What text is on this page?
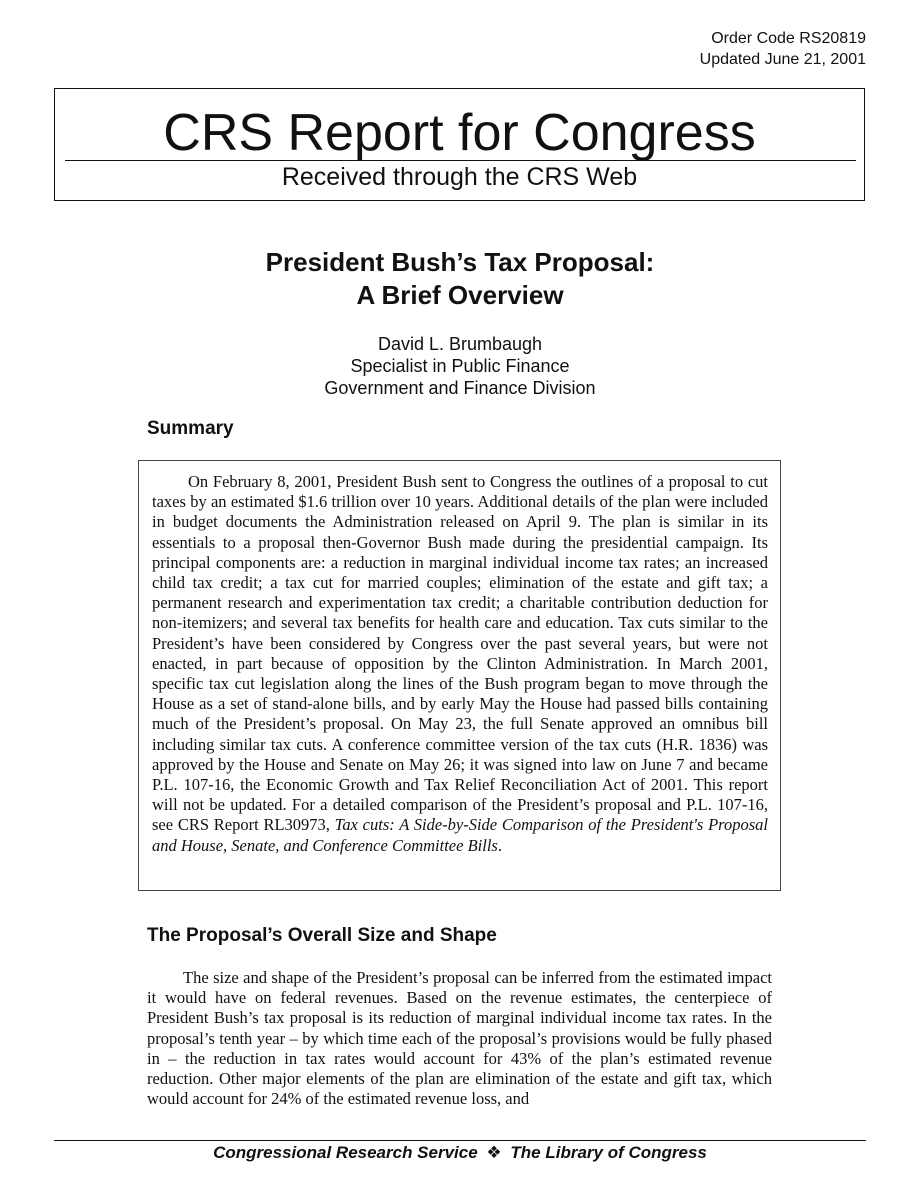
Order Code RS20819
Updated June 21, 2001
CRS Report for Congress
Received through the CRS Web
President Bush’s Tax Proposal:
A Brief Overview
David L. Brumbaugh
Specialist in Public Finance
Government and Finance Division
Summary

On February 8, 2001, President Bush sent to Congress the outlines of a proposal to cut taxes by an estimated $1.6 trillion over 10 years. Additional details of the plan were included in budget documents the Administration released on April 9. The plan is similar in its essentials to a proposal then-Governor Bush made during the presidential campaign. Its principal components are: a reduction in marginal individual income tax rates; an increased child tax credit; a tax cut for married couples; elimination of the estate and gift tax; a permanent research and experimentation tax credit; a charitable contribution deduction for non-itemizers; and several tax benefits for health care and education. Tax cuts similar to the President’s have been considered by Congress over the past several years, but were not enacted, in part because of opposition by the Clinton Administration. In March 2001, specific tax cut legislation along the lines of the Bush program began to move through the House as a set of stand-alone bills, and by early May the House had passed bills containing much of the President’s proposal. On May 23, the full Senate approved an omnibus bill including similar tax cuts. A conference committee version of the tax cuts (H.R. 1836) was approved by the House and Senate on May 26; it was signed into law on June 7 and became P.L. 107-16, the Economic Growth and Tax Relief Reconciliation Act of 2001. This report will not be updated. For a detailed comparison of the President’s proposal and P.L. 107-16, see CRS Report RL30973, Tax cuts: A Side-by-Side Comparison of the President's Proposal and House, Senate, and Conference Committee Bills.

The Proposal’s Overall Size and Shape

The size and shape of the President’s proposal can be inferred from the estimated impact it would have on federal revenues. Based on the revenue estimates, the centerpiece of President Bush’s tax proposal is its reduction of marginal individual income tax rates. In the proposal’s tenth year – by which time each of the proposal’s provisions would be fully phased in – the reduction in tax rates would account for 43% of the plan’s estimated revenue reduction. Other major elements of the plan are elimination of the estate and gift tax, which would account for 24% of the estimated revenue loss, and

Congressional Research Service ❖ The Library of Congress
